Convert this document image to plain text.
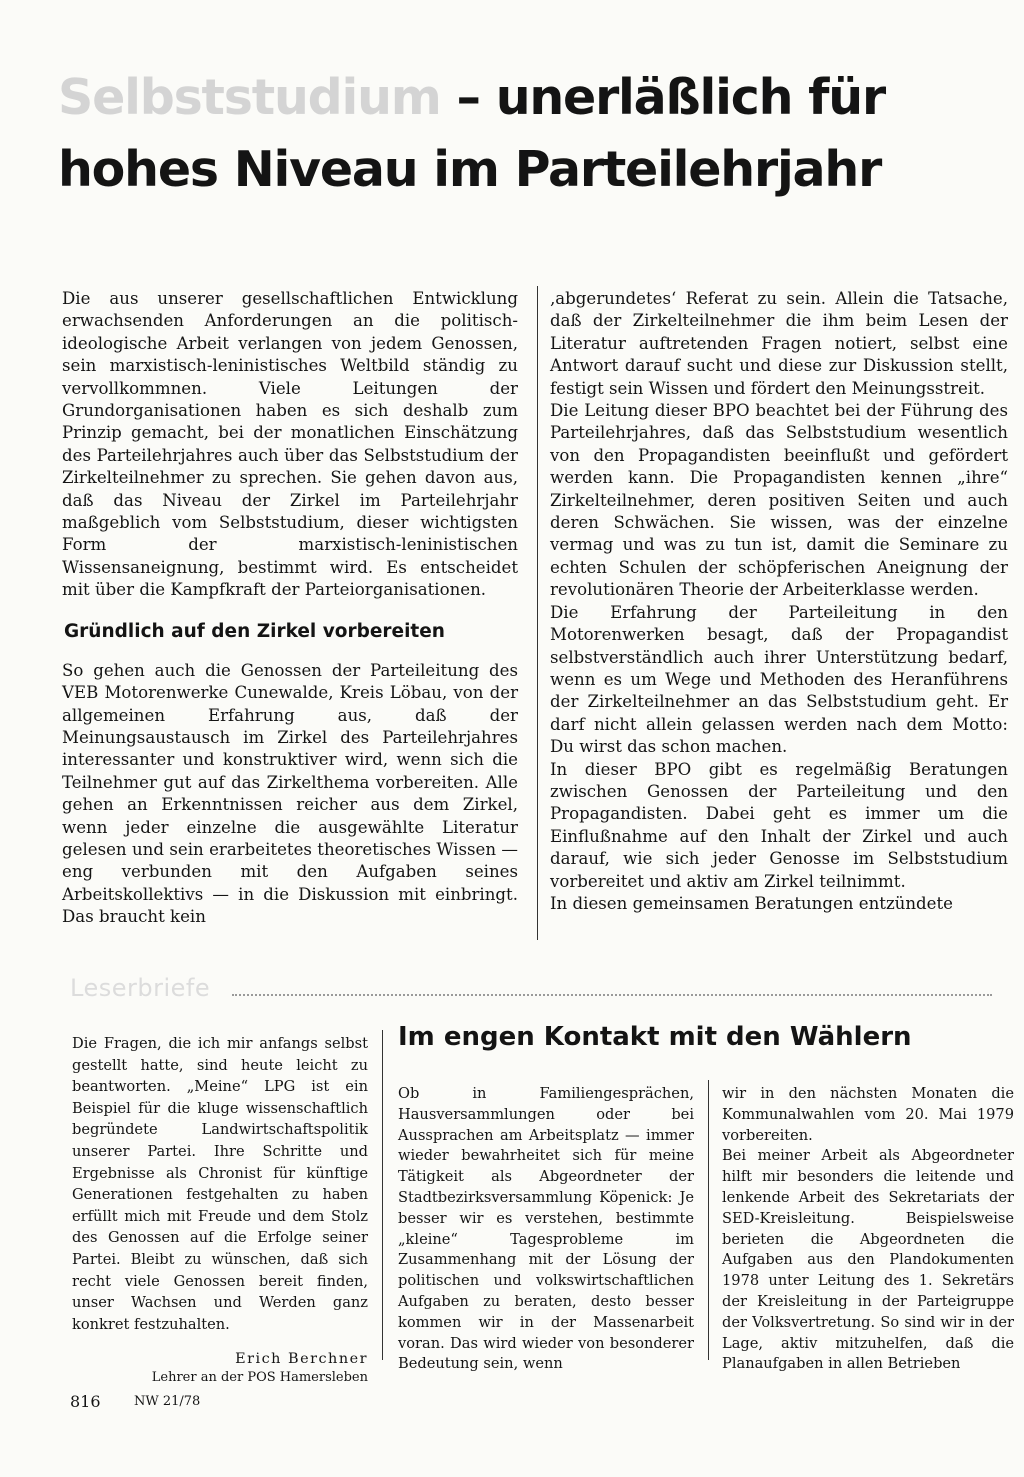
Selbststudium – unerläßlich für
hohes Niveau im Parteilehrjahr

Die aus unserer gesellschaftlichen Entwicklung erwachsenden Anforderungen an die politisch-ideologische Arbeit verlangen von jedem Genossen, sein marxistisch-leninistisches Weltbild ständig zu vervollkommnen. Viele Leitungen der Grundorganisationen haben es sich deshalb zum Prinzip gemacht, bei der monatlichen Einschätzung des Parteilehrjahres auch über das Selbststudium der Zirkelteilnehmer zu sprechen. Sie gehen davon aus, daß das Niveau der Zirkel im Parteilehrjahr maßgeblich vom Selbststudium, dieser wichtigsten Form der marxistisch-leninistischen Wissensaneignung, bestimmt wird. Es entscheidet mit über die Kampfkraft der Parteiorganisationen.

Gründlich auf den Zirkel vorbereiten

So gehen auch die Genossen der Parteileitung des VEB Motorenwerke Cunewalde, Kreis Löbau, von der allgemeinen Erfahrung aus, daß der Meinungsaustausch im Zirkel des Parteilehrjahres interessanter und konstruktiver wird, wenn sich die Teilnehmer gut auf das Zirkelthema vorbereiten. Alle gehen an Erkenntnissen reicher aus dem Zirkel, wenn jeder einzelne die ausgewählte Literatur gelesen und sein erarbeitetes theoretisches Wissen — eng verbunden mit den Aufgaben seines Arbeitskollektivs — in die Diskussion mit einbringt. Das braucht kein

‚abgerundetes‘ Referat zu sein. Allein die Tatsache, daß der Zirkelteilnehmer die ihm beim Lesen der Literatur auftretenden Fragen notiert, selbst eine Antwort darauf sucht und diese zur Diskussion stellt, festigt sein Wissen und fördert den Meinungsstreit.

Die Leitung dieser BPO beachtet bei der Führung des Parteilehrjahres, daß das Selbststudium wesentlich von den Propagandisten beeinflußt und gefördert werden kann. Die Propagandisten kennen „ihre“ Zirkelteilnehmer, deren positiven Seiten und auch deren Schwächen. Sie wissen, was der einzelne vermag und was zu tun ist, damit die Seminare zu echten Schulen der schöpferischen Aneignung der revolutionären Theorie der Arbeiterklasse werden.

Die Erfahrung der Parteileitung in den Motorenwerken besagt, daß der Propagandist selbstverständlich auch ihrer Unterstützung bedarf, wenn es um Wege und Methoden des Heranführens der Zirkelteilnehmer an das Selbststudium geht. Er darf nicht allein gelassen werden nach dem Motto: Du wirst das schon machen.

In dieser BPO gibt es regelmäßig Beratungen zwischen Genossen der Parteileitung und den Propagandisten. Dabei geht es immer um die Einflußnahme auf den Inhalt der Zirkel und auch darauf, wie sich jeder Genosse im Selbststudium vorbereitet und aktiv am Zirkel teilnimmt.

In diesen gemeinsamen Beratungen entzündete

Leserbriefe

Die Fragen, die ich mir anfangs selbst gestellt hatte, sind heute leicht zu beantworten. „Meine“ LPG ist ein Beispiel für die kluge wissenschaftlich begründete Landwirtschaftspolitik unserer Partei. Ihre Schritte und Ergebnisse als Chronist für künftige Generationen festgehalten zu haben erfüllt mich mit Freude und dem Stolz des Genossen auf die Erfolge seiner Partei. Bleibt zu wünschen, daß sich recht viele Genossen bereit finden, unser Wachsen und Werden ganz konkret festzuhalten.

Erich Berchner
Lehrer an der POS Hamersleben
Im engen Kontakt mit den Wählern

Ob in Familiengesprächen, Hausversammlungen oder bei Aussprachen am Arbeitsplatz — immer wieder bewahrheitet sich für meine Tätigkeit als Abgeordneter der Stadtbezirksversammlung Köpenick: Je besser wir es verstehen, bestimmte „kleine“ Tagesprobleme im Zusammenhang mit der Lösung der politischen und volkswirtschaftlichen Aufgaben zu beraten, desto besser kommen wir in der Massenarbeit voran. Das wird wieder von besonderer Bedeutung sein, wenn

wir in den nächsten Monaten die Kommunalwahlen vom 20. Mai 1979 vorbereiten.

Bei meiner Arbeit als Abgeordneter hilft mir besonders die leitende und lenkende Arbeit des Sekretariats der SED-Kreisleitung. Beispielsweise berieten die Abgeordneten die Aufgaben aus den Plandokumenten 1978 unter Leitung des 1. Sekretärs der Kreisleitung in der Parteigruppe der Volksvertretung. So sind wir in der Lage, aktiv mitzuhelfen, daß die Planaufgaben in allen Betrieben

816	NW 21/78
